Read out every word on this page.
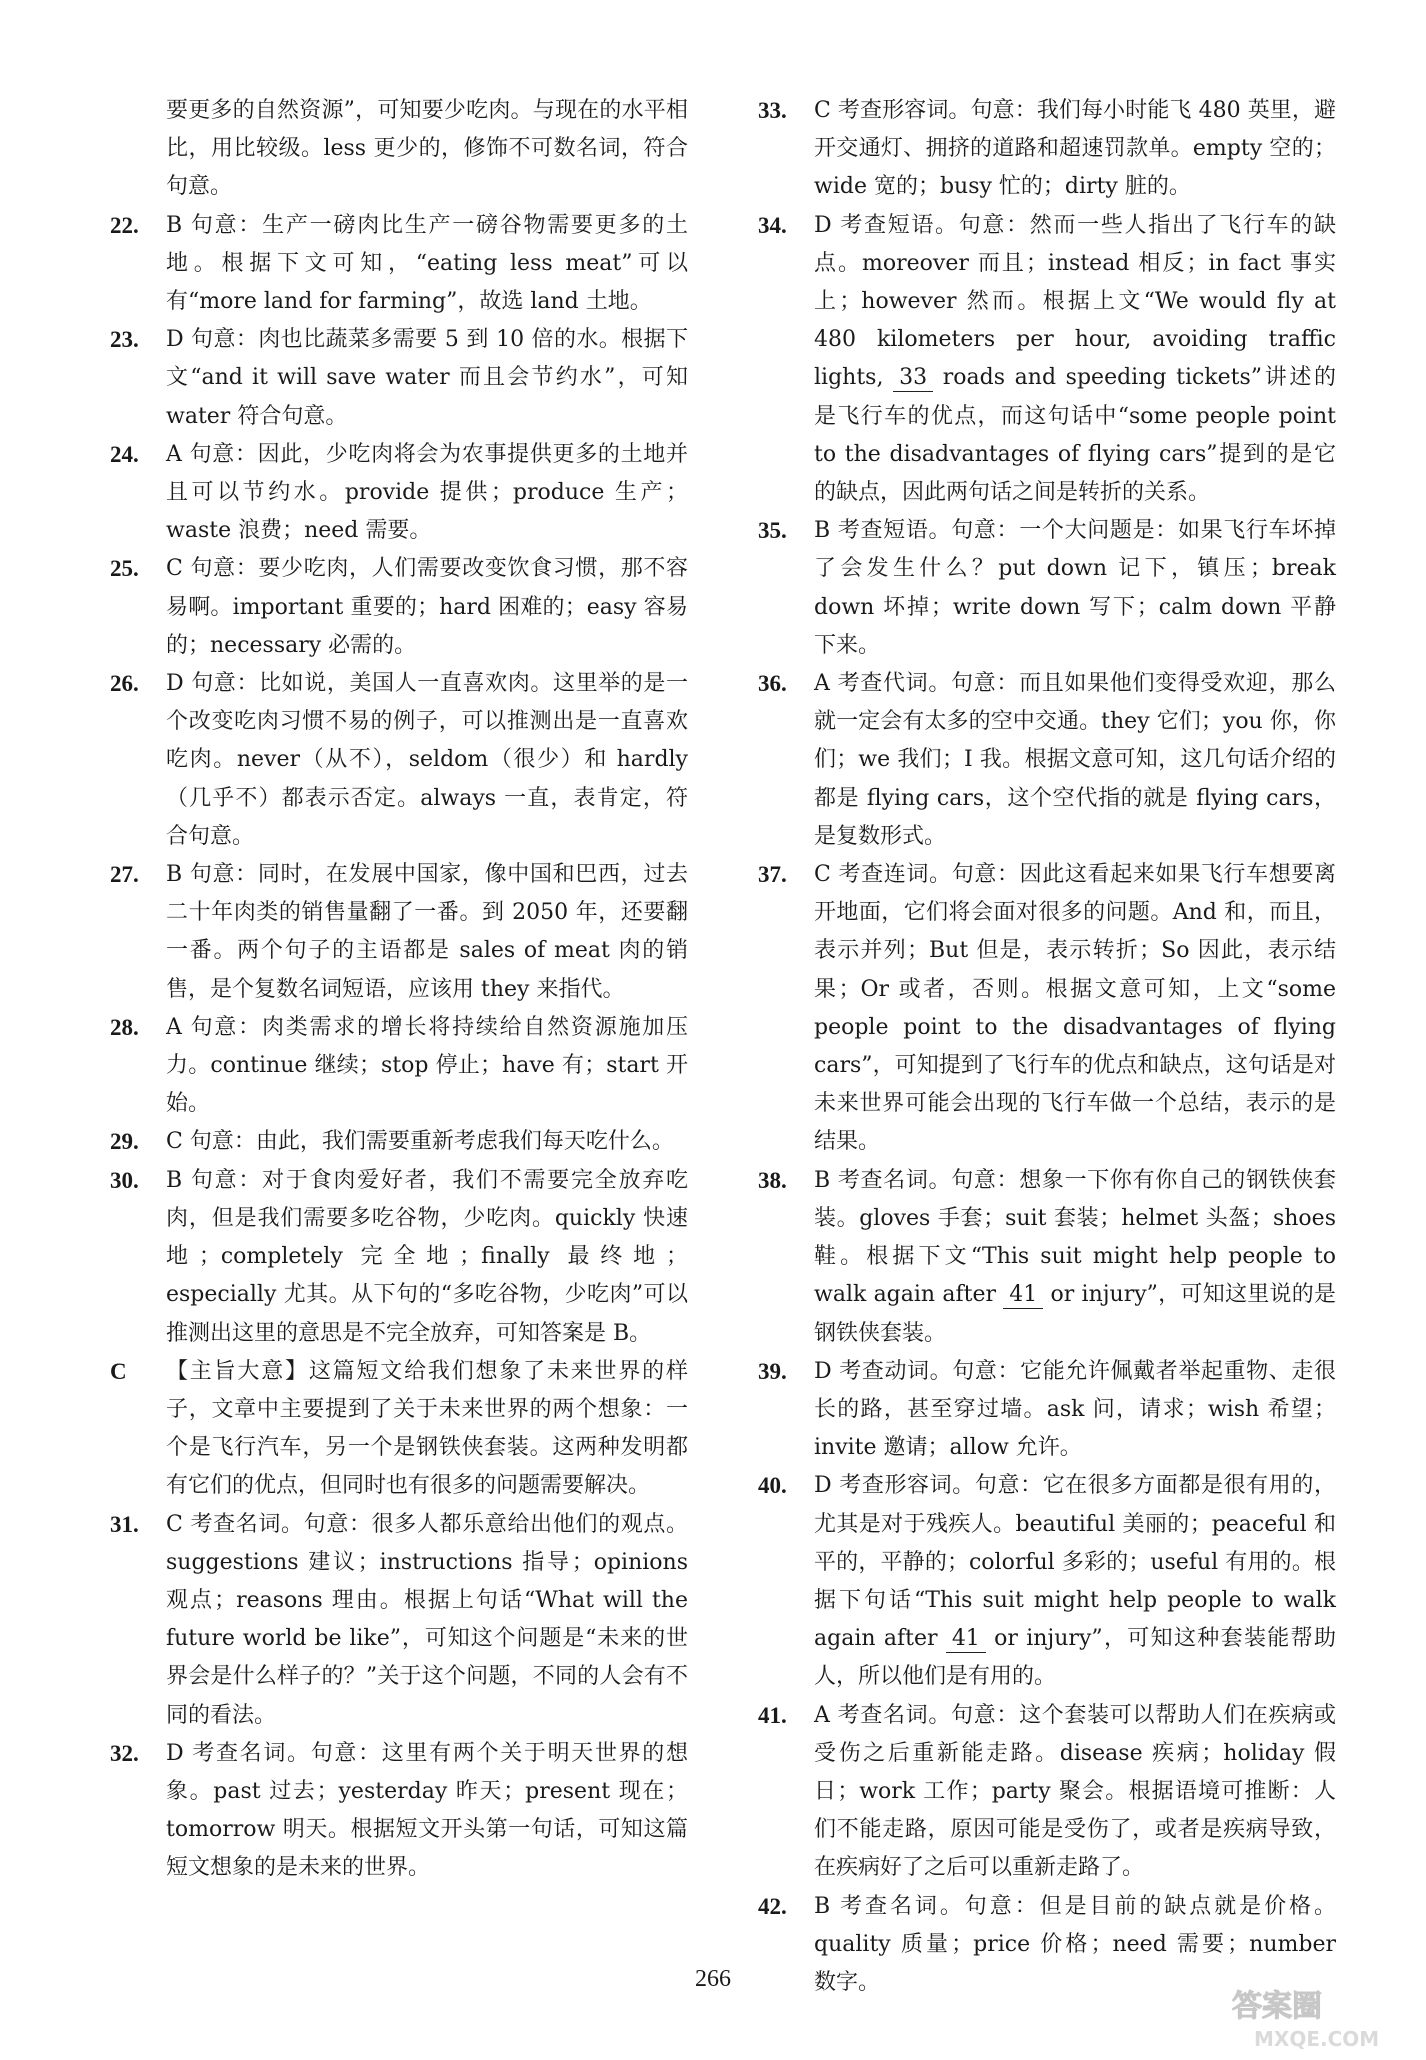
要更多的自然资源”，可知要少吃肉。与现在的水平相比，用比较级。less 更少的，修饰不可数名词，符合句意。
22.	B 句意：生产一磅肉比生产一磅谷物需要更多的土地。根据下文可知，“eating less meat”可以有“more land for farming”，故选 land 土地。
23.	D 句意：肉也比蔬菜多需要 5 到 10 倍的水。根据下文“and it will save water 而且会节约水”，可知 water 符合句意。
24.	A 句意：因此，少吃肉将会为农事提供更多的土地并且可以节约水。provide 提供；produce 生产；waste 浪费；need 需要。
25.	C 句意：要少吃肉，人们需要改变饮食习惯，那不容易啊。important 重要的；hard 困难的；easy 容易的；necessary 必需的。
26.	D 句意：比如说，美国人一直喜欢肉。这里举的是一个改变吃肉习惯不易的例子，可以推测出是一直喜欢吃肉。never（从不），seldom（很少）和 hardly（几乎不）都表示否定。always 一直，表肯定，符合句意。
27.	B 句意：同时，在发展中国家，像中国和巴西，过去二十年肉类的销售量翻了一番。到 2050 年，还要翻一番。两个句子的主语都是 sales of meat 肉的销售，是个复数名词短语，应该用 they 来指代。
28.	A 句意：肉类需求的增长将持续给自然资源施加压力。continue 继续；stop 停止；have 有；start 开始。
29.	C 句意：由此，我们需要重新考虑我们每天吃什么。
30.	B 句意：对于食肉爱好者，我们不需要完全放弃吃肉，但是我们需要多吃谷物，少吃肉。quickly 快速地；completely 完全地；finally 最终地；especially 尤其。从下句的“多吃谷物，少吃肉”可以推测出这里的意思是不完全放弃，可知答案是 B。
C	【主旨大意】这篇短文给我们想象了未来世界的样子，文章中主要提到了关于未来世界的两个想象：一个是飞行汽车，另一个是钢铁侠套装。这两种发明都有它们的优点，但同时也有很多的问题需要解决。
31.	C 考查名词。句意：很多人都乐意给出他们的观点。suggestions 建议；instructions 指导；opinions 观点；reasons 理由。根据上句话“What will the future world be like”，可知这个问题是“未来的世界会是什么样子的？”关于这个问题，不同的人会有不同的看法。
32.	D 考查名词。句意：这里有两个关于明天世界的想象。past 过去；yesterday 昨天；present 现在；tomorrow 明天。根据短文开头第一句话，可知这篇短文想象的是未来的世界。
33.	C 考查形容词。句意：我们每小时能飞 480 英里，避开交通灯、拥挤的道路和超速罚款单。empty 空的；wide 宽的；busy 忙的；dirty 脏的。
34.	D 考查短语。句意：然而一些人指出了飞行车的缺点。moreover 而且；instead 相反；in fact 事实上；however 然而。根据上文“We would fly at 480 kilometers per hour, avoiding traffic lights, 33 roads and speeding tickets”讲述的是飞行车的优点，而这句话中“some people point to the disadvantages of flying cars”提到的是它的缺点，因此两句话之间是转折的关系。
35.	B 考查短语。句意：一个大问题是：如果飞行车坏掉了会发生什么？put down 记下，镇压；break down 坏掉；write down 写下；calm down 平静下来。
36.	A 考查代词。句意：而且如果他们变得受欢迎，那么就一定会有太多的空中交通。they 它们；you 你，你们；we 我们；I 我。根据文意可知，这几句话介绍的都是 flying cars，这个空代指的就是 flying cars，是复数形式。
37.	C 考查连词。句意：因此这看起来如果飞行车想要离开地面，它们将会面对很多的问题。And 和，而且，表示并列；But 但是，表示转折；So 因此，表示结果；Or 或者，否则。根据文意可知，上文“some people point to the disadvantages of flying cars”，可知提到了飞行车的优点和缺点，这句话是对未来世界可能会出现的飞行车做一个总结，表示的是结果。
38.	B 考查名词。句意：想象一下你有你自己的钢铁侠套装。gloves 手套；suit 套装；helmet 头盔；shoes 鞋。根据下文“This suit might help people to walk again after 41 or injury”，可知这里说的是钢铁侠套装。
39.	D 考查动词。句意：它能允许佩戴者举起重物、走很长的路，甚至穿过墙。ask 问，请求；wish 希望；invite 邀请；allow 允许。
40.	D 考查形容词。句意：它在很多方面都是很有用的，尤其是对于残疾人。beautiful 美丽的；peaceful 和平的，平静的；colorful 多彩的；useful 有用的。根据下句话“This suit might help people to walk again after 41 or injury”，可知这种套装能帮助人，所以他们是有用的。
41.	A 考查名词。句意：这个套装可以帮助人们在疾病或受伤之后重新能走路。disease 疾病；holiday 假日；work 工作；party 聚会。根据语境可推断：人们不能走路，原因可能是受伤了，或者是疾病导致，在疾病好了之后可以重新走路了。
42.	B 考查名词。句意：但是目前的缺点就是价格。quality 质量；price 价格；need 需要；number 数字。
266
答案圈
MXQE.COM
